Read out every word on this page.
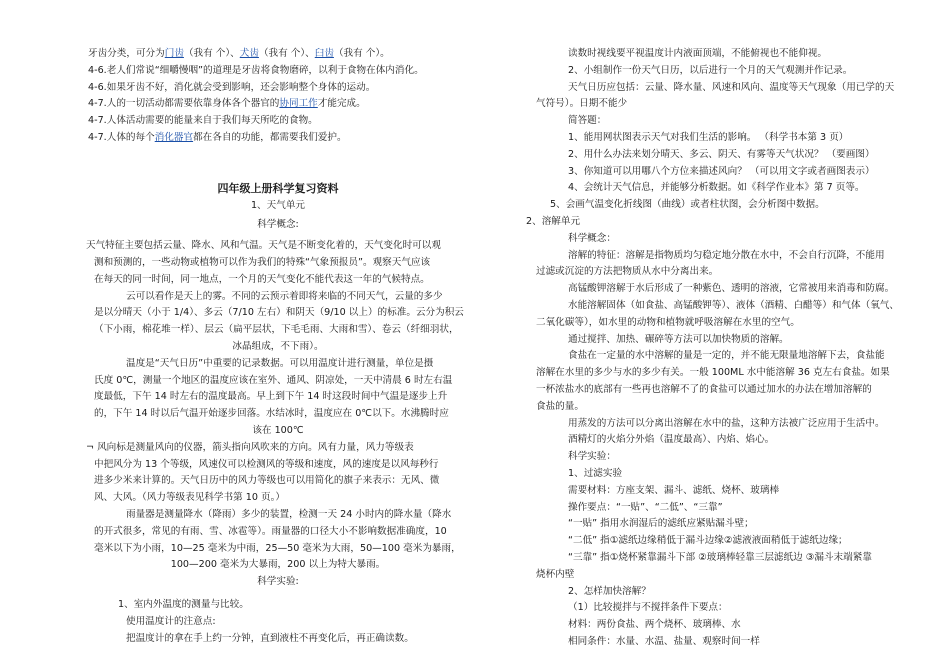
牙齿分类，可分为门齿（我有 个）、犬齿（我有 个）、臼齿（我有 个）。
4-6.老人们常说“细嚼慢咽”的道理是牙齿将食物磨碎，以利于食物在体内消化。
4-6.如果牙齿不好，消化就会受到影响，还会影响整个身体的运动。
4-7.人的一切活动都需要依靠身体各个器官的协同工作才能完成。
4-7.人体活动需要的能量来自于我们每天所吃的食物。
4-7.人体的每个消化器官都在各自的功能，都需要我们爱护。
四年级上册科学复习资料
1、天气单元
科学概念:
天气特征主要包括云量、降水、风和气温。天气是不断变化着的，天气变化时可以观
测和预测的，一些动物或植物可以作为我们的特殊“气象预报员”。观察天气应该
在每天的同一时间，同一地点，一个月的天气变化不能代表这一年的气候特点。
云可以看作是天上的雾。不同的云预示着即将来临的不同天气，云量的多少
是以分晴天（小于 1/4）、多云（7/10 左右）和阴天（9/10 以上）的标准。云分为积云
（下小雨，棉花堆一样）、层云（扁平层状，下毛毛雨、大雨和雪）、卷云（纤细羽状，
冰晶组成，不下雨）。
温度是“天气日历”中重要的记录数据。可以用温度计进行测量，单位是摄
氏度 0℃，测量一个地区的温度应该在室外、通风、阴凉处，一天中清晨 6 时左右温
度最低，下午 14 时左右的温度最高。早上到下午 14 时这段时间中气温是逐步上升
的，下午 14 时以后气温开始逐步回落。水结冰时，温度应在 0℃以下。水沸腾时应
该在 100℃
¬ 风向标是测量风向的仪器，箭头指向风吹来的方向。风有力量，风力等级表
中把风分为 13 个等级，风速仪可以检测风的等级和速度，风的速度是以风每秒行
进多少米来计算的。天气日历中的风力等级也可以用简化的旗子来表示：无风、微
风、大风。（风力等级表见科学书第 10 页。）
雨量器是测量降水（降雨）多少的装置，检测一天 24 小时内的降水量（降水
的开式很多，常见的有雨、雪、冰雹等）。雨量器的口径大小不影响数据准确度，10
毫米以下为小雨，10—25 毫米为中雨，25—50 毫米为大雨，50—100 毫米为暴雨，
100—200 毫米为大暴雨，200 以上为特大暴雨。
科学实验:
1、室内外温度的测量与比较。
使用温度计的注意点:
把温度计的拿在手上约一分钟，直到液柱不再变化后，再正确读数。
读数时视线要平视温度计内液面顶端，不能俯视也不能仰视。
2、小组制作一份天气日历，以后进行一个月的天气观测并作记录。
天气日历应包括：云量、降水量、风速和风向、温度等天气现象（用已学的天
气符号）。日期不能少
简答题：
1、能用网状图表示天气对我们生活的影响。 （科学书本第 3 页）
2、用什么办法来划分晴天、多云、阴天、有雾等天气状况？ （要画图）
3、你知道可以用哪八个方位来描述风向？ （可以用文字或者画图表示）
4、会统计天气信息，并能够分析数据。如《科学作业本》第 7 页等。
5、会画气温变化折线图（曲线）或者柱状图，会分析图中数据。
2、溶解单元
科学概念：
溶解的特征：溶解是指物质均匀稳定地分散在水中，不会自行沉降，不能用
过滤或沉淀的方法把物质从水中分离出来。
高锰酸钾溶解于水后形成了一种紫色、透明的溶液，它常被用来消毒和防腐。
水能溶解固体（如食盐、高锰酸钾等）、液体（酒精、白醋等）和气体（氧气、
二氧化碳等），如水里的动物和植物就呼吸溶解在水里的空气。
通过搅拌、加热、碾碎等方法可以加快物质的溶解。
食盐在一定量的水中溶解的量是一定的，并不能无限量地溶解下去，食盐能
溶解在水里的多少与水的多少有关。一般 100ML 水中能溶解 36 克左右食盐。如果
一杯浓盐水的底部有一些再也溶解不了的食盐可以通过加水的办法在增加溶解的
食盐的量。
用蒸发的方法可以分离出溶解在水中的盐，这种方法被广泛应用于生活中。
酒精灯的火焰分外焰（温度最高）、内焰、焰心。
科学实验：
1、过滤实验
需要材料：方座支架、漏斗、滤纸、烧杯、玻璃棒
操作要点：“一贴”、“二低”、“三靠”
“一贴” 指用水润湿后的滤纸应紧贴漏斗壁；
“二低” 指①滤纸边缘稍低于漏斗边缘②滤液液面稍低于滤纸边缘；
“三靠” 指①烧杯紧靠漏斗下部 ②玻璃棒轻靠三层滤纸边 ③漏斗末端紧靠
烧杯内壁
2、怎样加快溶解？
（1）比较搅拌与不搅拌条件下要点：
材料：两份食盐、两个烧杯、玻璃棒、水
相同条件：水量、水温、盐量、观察时间一样
